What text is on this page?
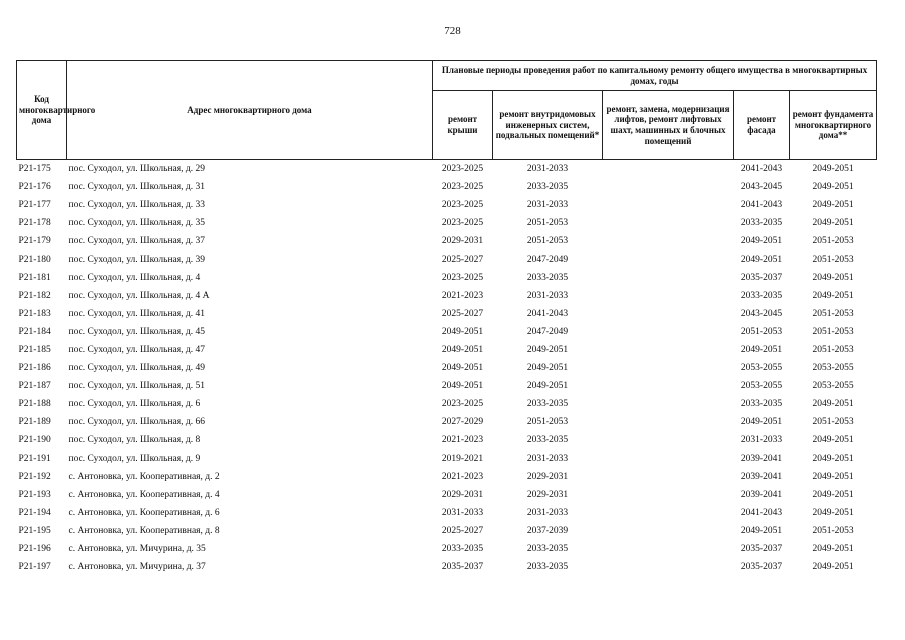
728
Код многоквартирного дома	Адрес многоквартирного дома	Плановые периоды проведения работ по капитальному ремонту общего имущества в многоквартирных домах, годы				
		ремонт крыши	ремонт внутридомовых инженерных систем, подвальных помещений*	ремонт, замена, модернизация лифтов, ремонт лифтовых шахт, машинных и блочных помещений	ремонт фасада	ремонт фундамента многоквартирного дома**
Р21-175	пос. Суходол, ул. Школьная, д. 29	2023-2025	2031-2033		2041-2043	2049-2051
Р21-176	пос. Суходол, ул. Школьная, д. 31	2023-2025	2033-2035		2043-2045	2049-2051
Р21-177	пос. Суходол, ул. Школьная, д. 33	2023-2025	2031-2033		2041-2043	2049-2051
Р21-178	пос. Суходол, ул. Школьная, д. 35	2023-2025	2051-2053		2033-2035	2049-2051
Р21-179	пос. Суходол, ул. Школьная, д. 37	2029-2031	2051-2053		2049-2051	2051-2053
Р21-180	пос. Суходол, ул. Школьная, д. 39	2025-2027	2047-2049		2049-2051	2051-2053
Р21-181	пос. Суходол, ул. Школьная, д. 4	2023-2025	2033-2035		2035-2037	2049-2051
Р21-182	пос. Суходол, ул. Школьная, д. 4 А	2021-2023	2031-2033		2033-2035	2049-2051
Р21-183	пос. Суходол, ул. Школьная, д. 41	2025-2027	2041-2043		2043-2045	2051-2053
Р21-184	пос. Суходол, ул. Школьная, д. 45	2049-2051	2047-2049		2051-2053	2051-2053
Р21-185	пос. Суходол, ул. Школьная, д. 47	2049-2051	2049-2051		2049-2051	2051-2053
Р21-186	пос. Суходол, ул. Школьная, д. 49	2049-2051	2049-2051		2053-2055	2053-2055
Р21-187	пос. Суходол, ул. Школьная, д. 51	2049-2051	2049-2051		2053-2055	2053-2055
Р21-188	пос. Суходол, ул. Школьная, д. 6	2023-2025	2033-2035		2033-2035	2049-2051
Р21-189	пос. Суходол, ул. Школьная, д. 66	2027-2029	2051-2053		2049-2051	2051-2053
Р21-190	пос. Суходол, ул. Школьная, д. 8	2021-2023	2033-2035		2031-2033	2049-2051
Р21-191	пос. Суходол, ул. Школьная, д. 9	2019-2021	2031-2033		2039-2041	2049-2051
Р21-192	с. Антоновка, ул. Кооперативная, д. 2	2021-2023	2029-2031		2039-2041	2049-2051
Р21-193	с. Антоновка, ул. Кооперативная, д. 4	2029-2031	2029-2031		2039-2041	2049-2051
Р21-194	с. Антоновка, ул. Кооперативная, д. 6	2031-2033	2031-2033		2041-2043	2049-2051
Р21-195	с. Антоновка, ул. Кооперативная, д. 8	2025-2027	2037-2039		2049-2051	2051-2053
Р21-196	с. Антоновка, ул. Мичурина, д. 35	2033-2035	2033-2035		2035-2037	2049-2051
Р21-197	с. Антоновка, ул. Мичурина, д. 37	2035-2037	2033-2035		2035-2037	2049-2051
